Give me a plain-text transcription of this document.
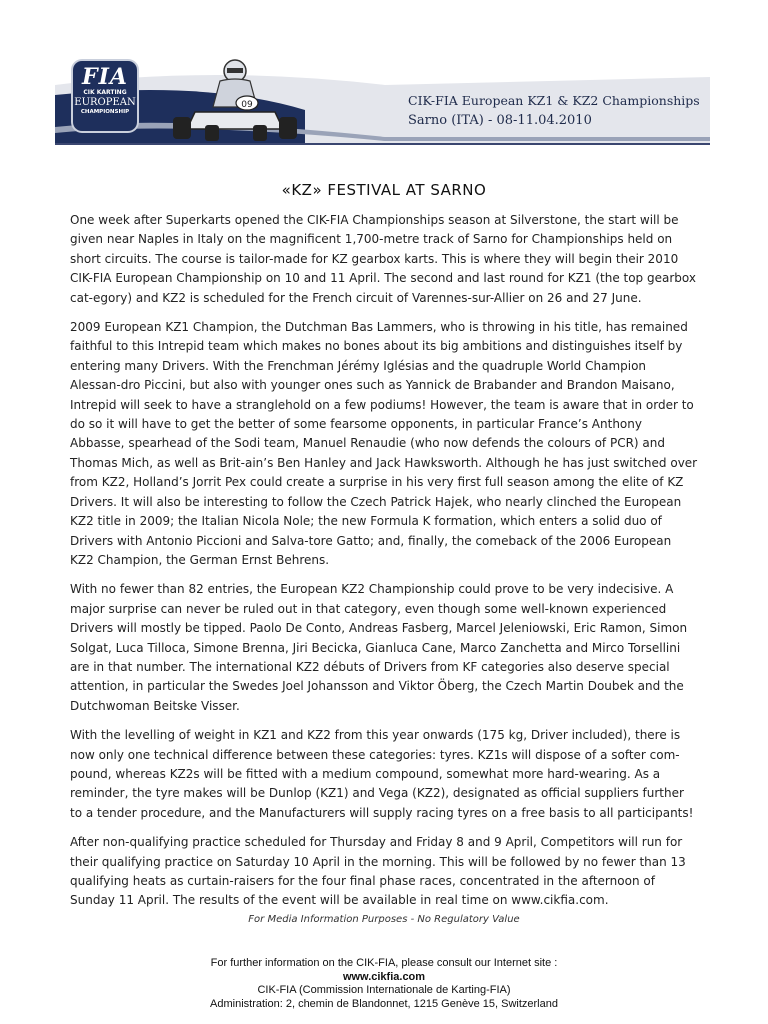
FIA
CIK KARTING
EUROPEAN
CHAMPIONSHIP
09	CIK-FIA European KZ1 & KZ2 Championships
Sarno (ITA) - 08-11.04.2010
«KZ» FESTIVAL AT SARNO

One week after Superkarts opened the CIK-FIA Championships season at Silverstone, the start will be given near Naples in Italy on the magnificent 1,700-metre track of Sarno for Championships held on short circuits. The course is tailor-made for KZ gearbox karts. This is where they will begin their 2010 CIK-FIA European Championship on 10 and 11 April. The second and last round for KZ1 (the top gearbox cat-egory) and KZ2 is scheduled for the French circuit of Varennes-sur-Allier on 26 and 27 June.

2009 European KZ1 Champion, the Dutchman Bas Lammers, who is throwing in his title, has remained faithful to this Intrepid team which makes no bones about its big ambitions and distinguishes itself by entering many Drivers. With the Frenchman Jérémy Iglésias and the quadruple World Champion Alessan-dro Piccini, but also with younger ones such as Yannick de Brabander and Brandon Maisano, Intrepid will seek to have a stranglehold on a few podiums! However, the team is aware that in order to do so it will have to get the better of some fearsome opponents, in particular France’s Anthony Abbasse, spearhead of the Sodi team, Manuel Renaudie (who now defends the colours of PCR) and Thomas Mich, as well as Brit-ain’s Ben Hanley and Jack Hawksworth. Although he has just switched over from KZ2, Holland’s Jorrit Pex could create a surprise in his very first full season among the elite of KZ Drivers. It will also be interesting to follow the Czech Patrick Hajek, who nearly clinched the European KZ2 title in 2009; the Italian Nicola Nole; the new Formula K formation, which enters a solid duo of Drivers with Antonio Piccioni and Salva-tore Gatto; and, finally, the comeback of the 2006 European KZ2 Champion, the German Ernst Behrens.

With no fewer than 82 entries, the European KZ2 Championship could prove to be very indecisive. A major surprise can never be ruled out in that category, even though some well-known experienced Drivers will mostly be tipped. Paolo De Conto, Andreas Fasberg, Marcel Jeleniowski, Eric Ramon, Simon Solgat, Luca Tilloca, Simone Brenna, Jiri Becicka, Gianluca Cane, Marco Zanchetta and Mirco Torsellini are in that number. The international KZ2 débuts of Drivers from KF categories also deserve special attention, in particular the Swedes Joel Johansson and Viktor Öberg, the Czech Martin Doubek and the Dutchwoman Beitske Visser.

With the levelling of weight in KZ1 and KZ2 from this year onwards (175 kg, Driver included), there is now only one technical difference between these categories: tyres. KZ1s will dispose of a softer com-pound, whereas KZ2s will be fitted with a medium compound, somewhat more hard-wearing. As a reminder, the tyre makes will be Dunlop (KZ1) and Vega (KZ2), designated as official suppliers further to a tender procedure, and the Manufacturers will supply racing tyres on a free basis to all participants!

After non-qualifying practice scheduled for Thursday and Friday 8 and 9 April, Competitors will run for their qualifying practice on Saturday 10 April in the morning. This will be followed by no fewer than 13 qualifying heats as curtain-raisers for the four final phase races, concentrated in the afternoon of Sunday 11 April. The results of the event will be available in real time on www.cikfia.com.

For Media Information Purposes - No Regulatory Value
For further information on the CIK-FIA, please consult our Internet site :
www.cikfia.com
CIK-FIA (Commission Internationale de Karting-FIA)
Administration: 2, chemin de Blandonnet, 1215 Genève 15, Switzerland
